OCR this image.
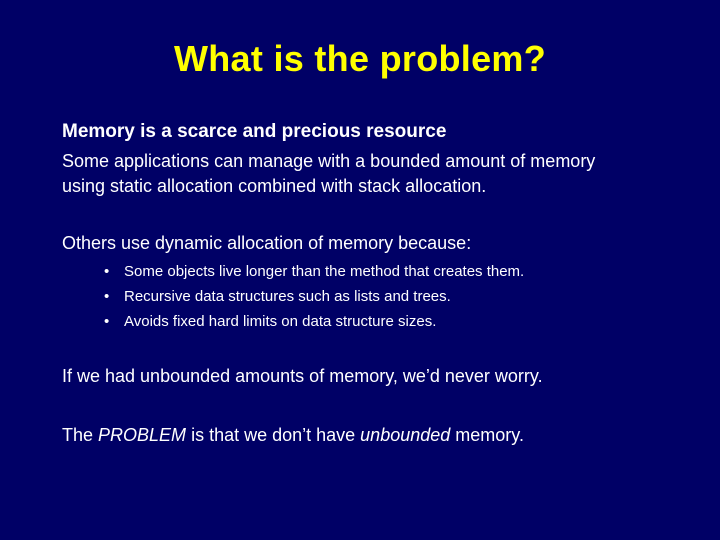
What is the problem?
Memory is a scarce and precious resource
Some applications can manage with a bounded amount of memory
using static allocation combined with stack allocation.
Others use dynamic allocation of memory because:
• Some objects live longer than the method that creates them.
• Recursive data structures such as lists and trees.
• Avoids fixed hard limits on data structure sizes.
If we had unbounded amounts of memory, we’d never worry.
The PROBLEM is that we don’t have unbounded memory.
